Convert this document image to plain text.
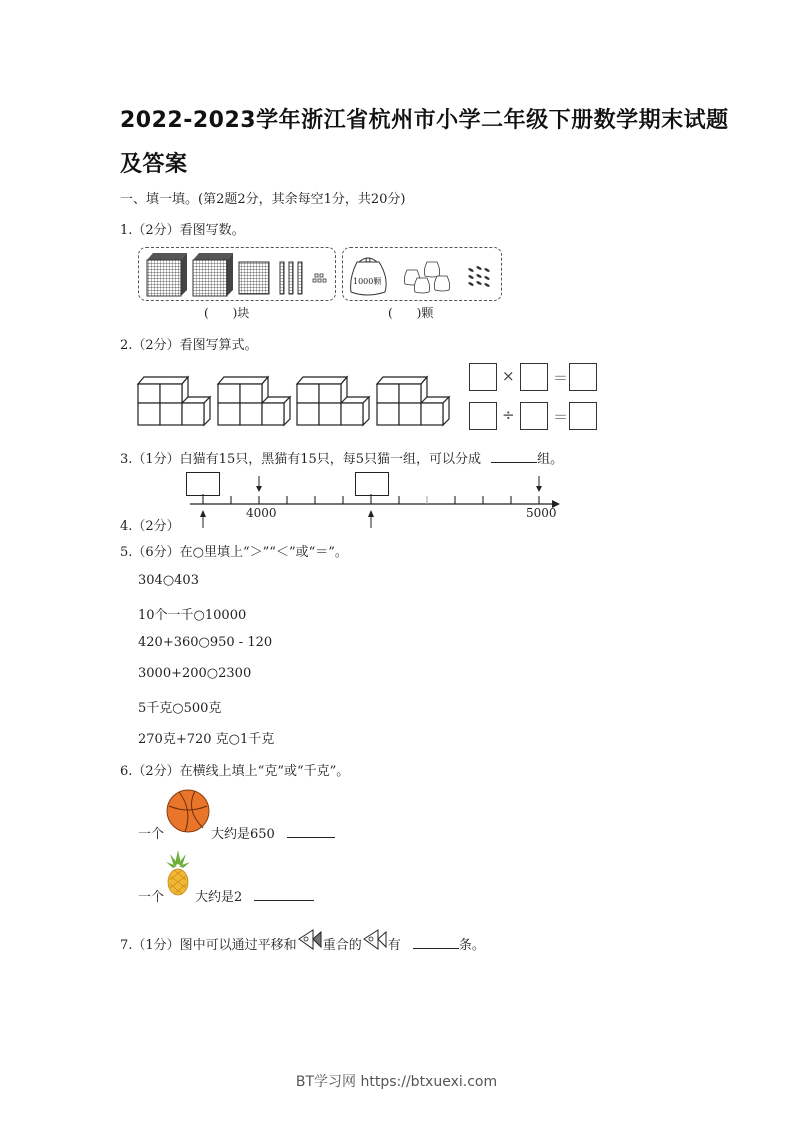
2022-2023学年浙江省杭州市小学二年级下册数学期末试题
及答案
一、填一填。(第2题2分，其余每空1分，共20分)
1.（2分）看图写数。
(　　)块
1000颗
(　　)颗
2.（2分）看图写算式。
×	＝
÷	＝
3.（1分）白猫有15只，黑猫有15只，每5只猫一组，可以分成	组。
4.（2分）
4000	5000
5.（6分）在○里填上“＞”“＜”或“＝”。
304○403
10个一千○10000
420+360○950 - 120
3000+200○2300
5千克○500克
270克+720 克○1千克
6.（2分）在横线上填上“克”或“千克”。
一个	大约是650
一个 大约是2
7.（1分）图中可以通过平移和 重合的 有	条。
BT学习网 https://btxuexi.com
